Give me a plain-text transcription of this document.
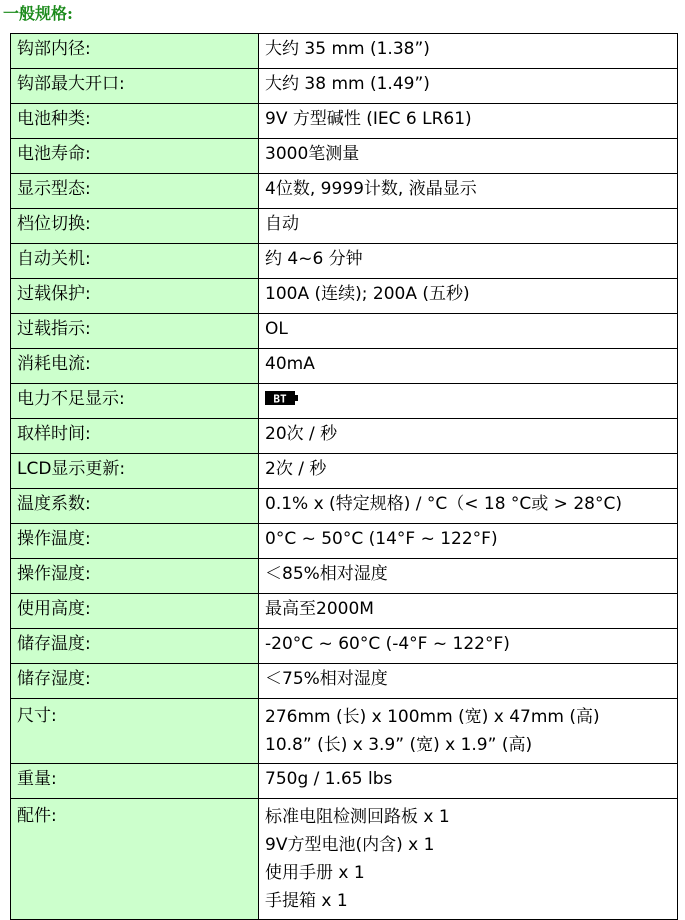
一般规格:
钩部内径:	大约 35 mm (1.38”)
钩部最大开口:	大约 38 mm (1.49”)
电池种类:	9V 方型碱性 (IEC 6 LR61)
电池寿命:	3000笔测量
显示型态:	4位数, 9999计数, 液晶显示
档位切换:	自动
自动关机:	约 4~6 分钟
过载保护:	100A (连续); 200A (五秒)
过载指示:	OL
消耗电流:	40mA
电力不足显示:	BT

取样时间:	20次 / 秒
LCD显示更新:	2次 / 秒
温度系数:	0.1% x (特定规格) / °C（< 18 °C或 > 28°C)
操作温度:	0°C ~ 50°C (14°F ~ 122°F)
操作湿度:	＜85%相对湿度
使用高度:	最高至2000M
储存温度:	-20°C ~ 60°C (-4°F ~ 122°F)
储存湿度:	＜75%相对湿度
尺寸:	276mm (长) x 100mm (宽) x 47mm (高)
10.8” (长) x 3.9” (宽) x 1.9” (高)

重量:	750g / 1.65 lbs
配件:	标准电阻检测回路板 x 1
9V方型电池(内含) x 1
使用手册 x 1
手提箱 x 1
